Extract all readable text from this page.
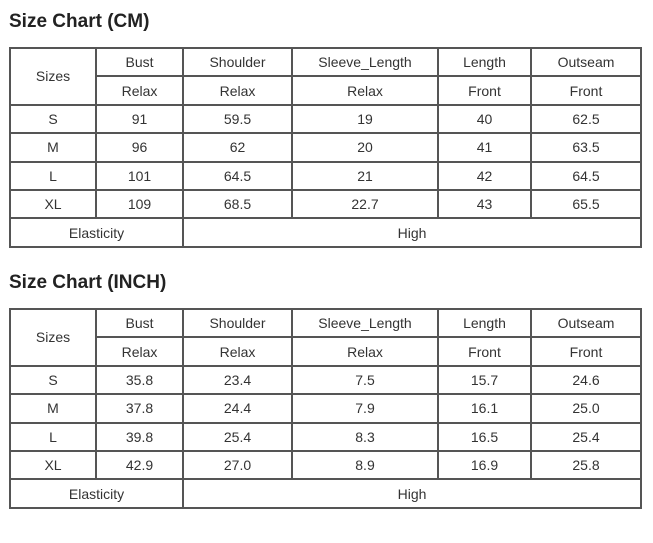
Size Chart (CM)
Sizes	Bust	Shoulder	Sleeve_Length	Length	Outseam
	Relax	Relax	Relax	Front	Front
S	91	59.5	19	40	62.5
M	96	62	20	41	63.5
L	101	64.5	21	42	64.5
XL	109	68.5	22.7	43	65.5
Elasticity		High			
Size Chart (INCH)
Sizes	Bust	Shoulder	Sleeve_Length	Length	Outseam
	Relax	Relax	Relax	Front	Front
S	35.8	23.4	7.5	15.7	24.6
M	37.8	24.4	7.9	16.1	25.0
L	39.8	25.4	8.3	16.5	25.4
XL	42.9	27.0	8.9	16.9	25.8
Elasticity		High			
